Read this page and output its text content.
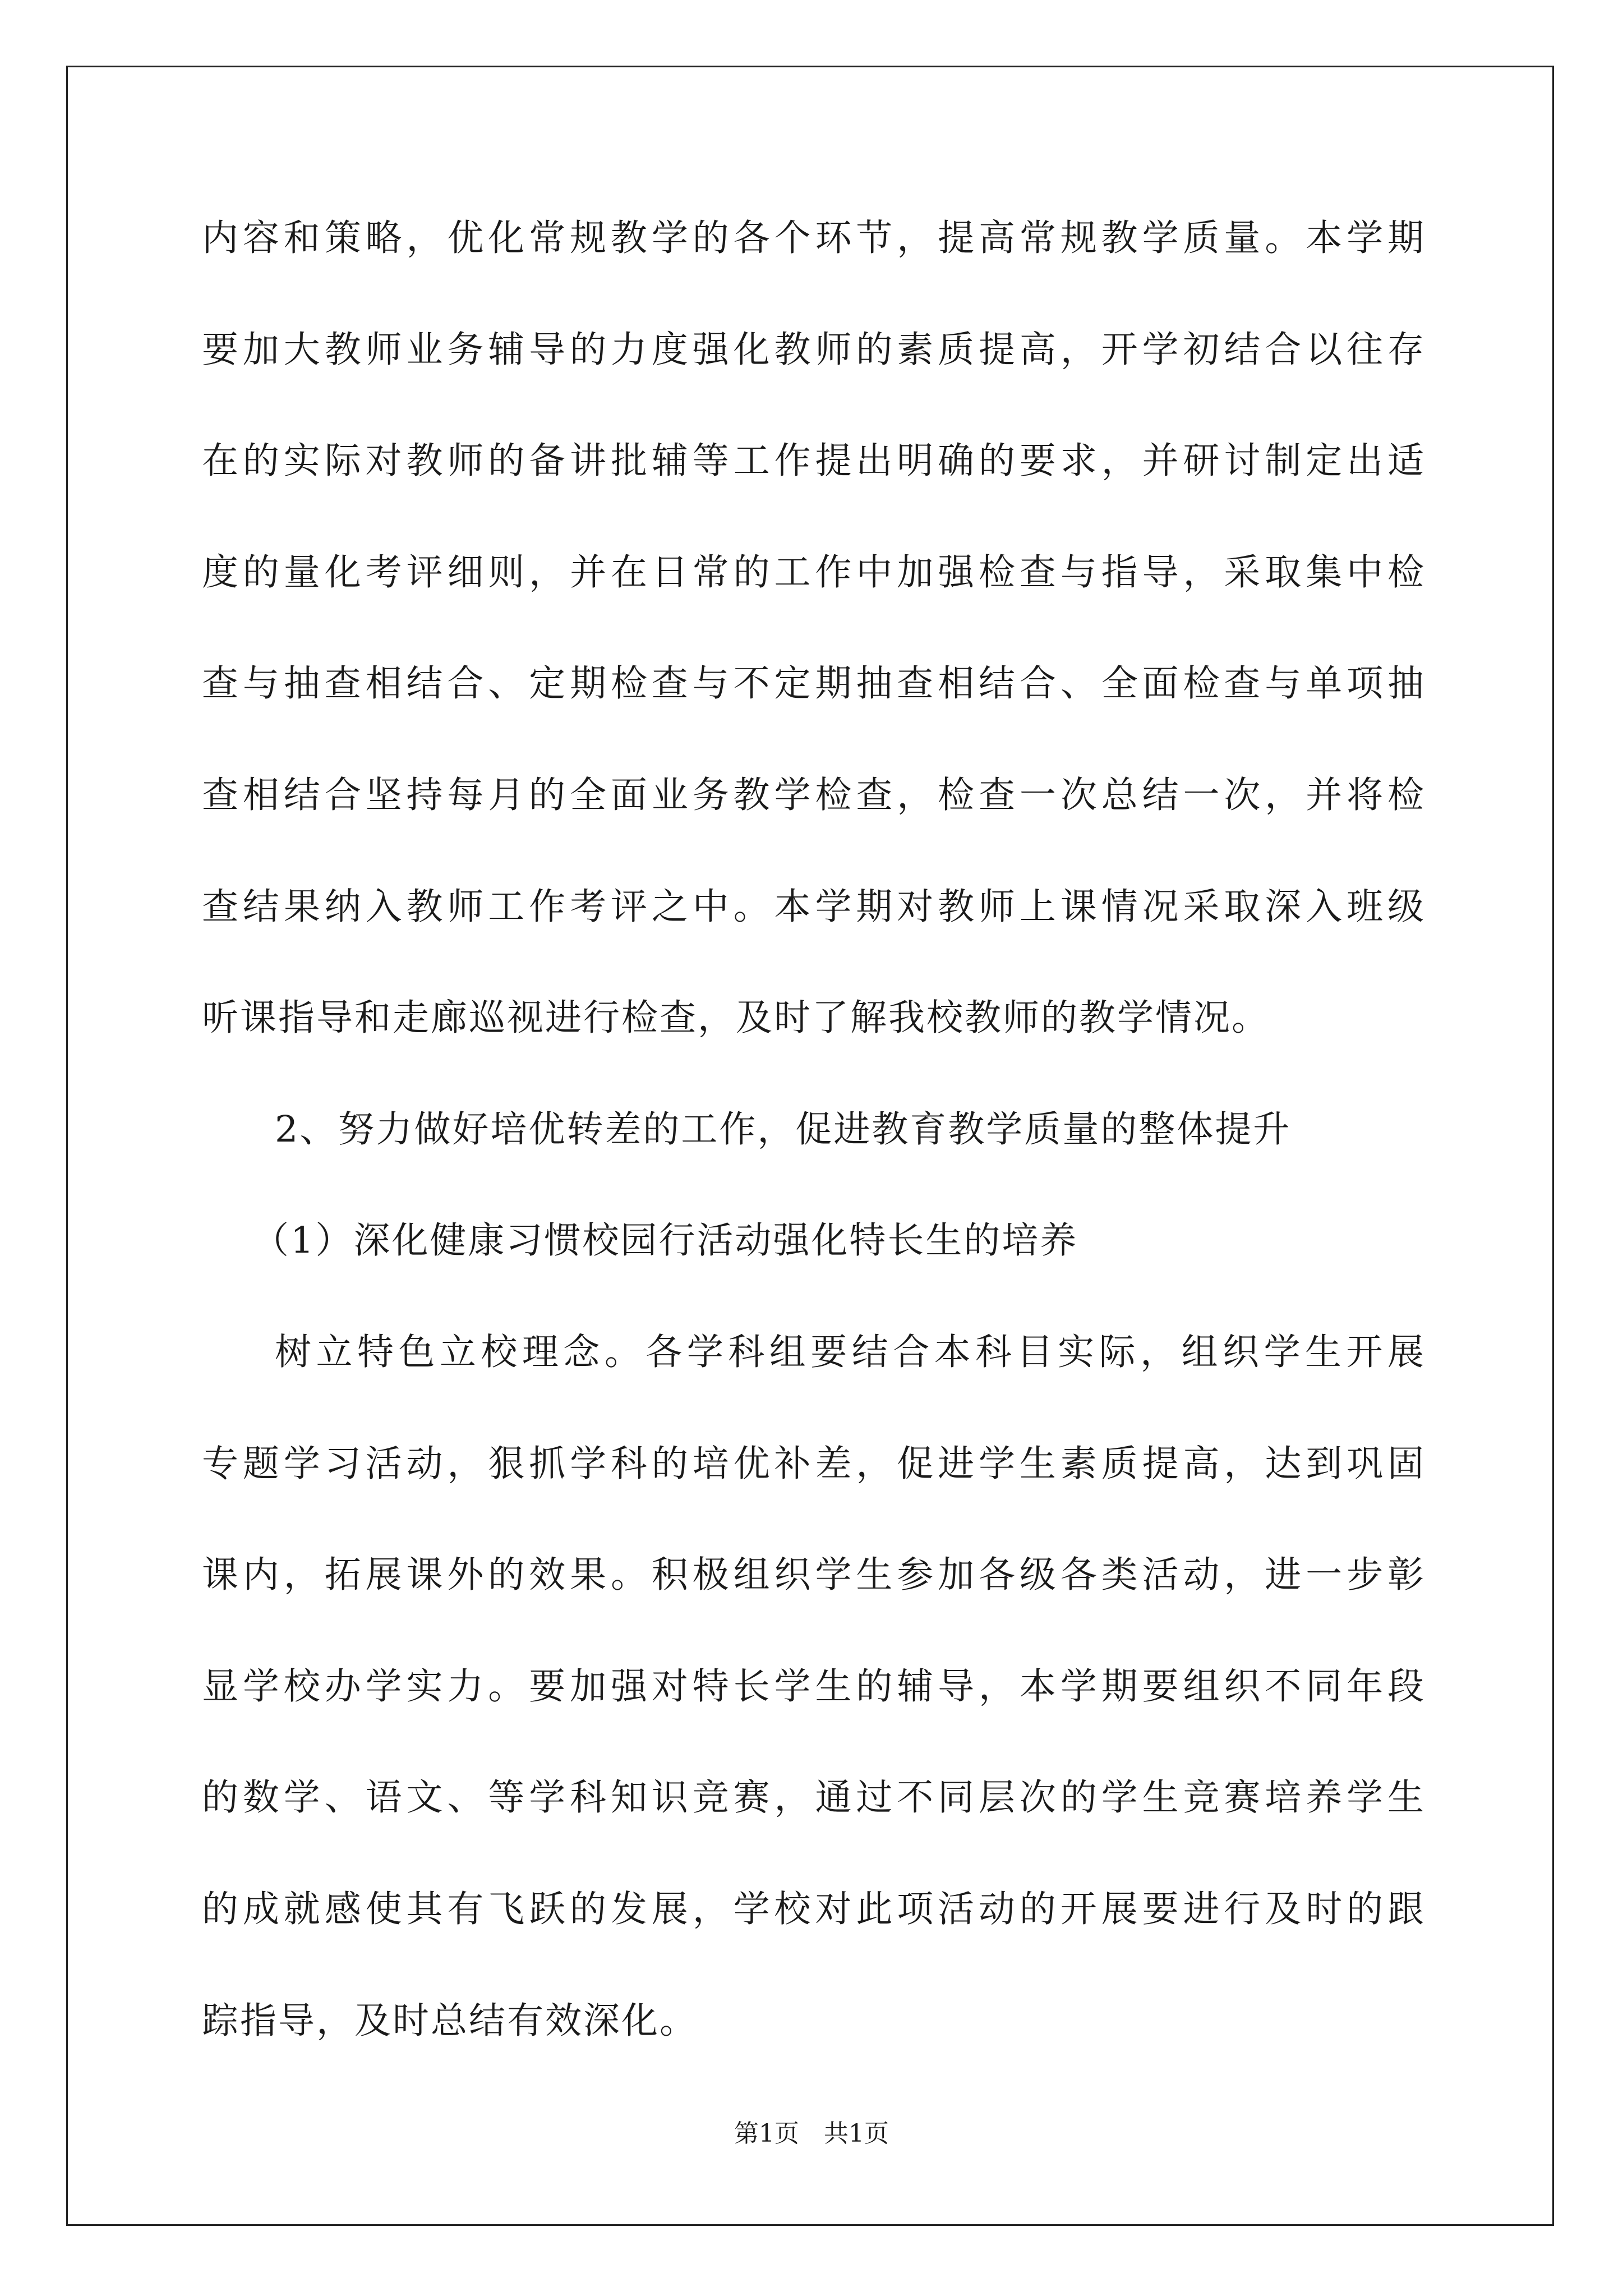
内容和策略，优化常规教学的各个环节，提高常规教学质量。本学期
要加大教师业务辅导的力度强化教师的素质提高，开学初结合以往存
在的实际对教师的备讲批辅等工作提出明确的要求，并研讨制定出适
度的量化考评细则，并在日常的工作中加强检查与指导，采取集中检
查与抽查相结合、定期检查与不定期抽查相结合、全面检查与单项抽
查相结合坚持每月的全面业务教学检查，检查一次总结一次，并将检
查结果纳入教师工作考评之中。本学期对教师上课情况采取深入班级
听课指导和走廊巡视进行检查，及时了解我校教师的教学情况。
2、努力做好培优转差的工作，促进教育教学质量的整体提升
（1）深化健康习惯校园行活动强化特长生的培养
树立特色立校理念。各学科组要结合本科目实际，组织学生开展
专题学习活动，狠抓学科的培优补差，促进学生素质提高，达到巩固
课内，拓展课外的效果。积极组织学生参加各级各类活动，进一步彰
显学校办学实力。要加强对特长学生的辅导，本学期要组织不同年段
的数学、语文、等学科知识竞赛，通过不同层次的学生竞赛培养学生
的成就感使其有飞跃的发展，学校对此项活动的开展要进行及时的跟
踪指导，及时总结有效深化。
第1页　共1页
